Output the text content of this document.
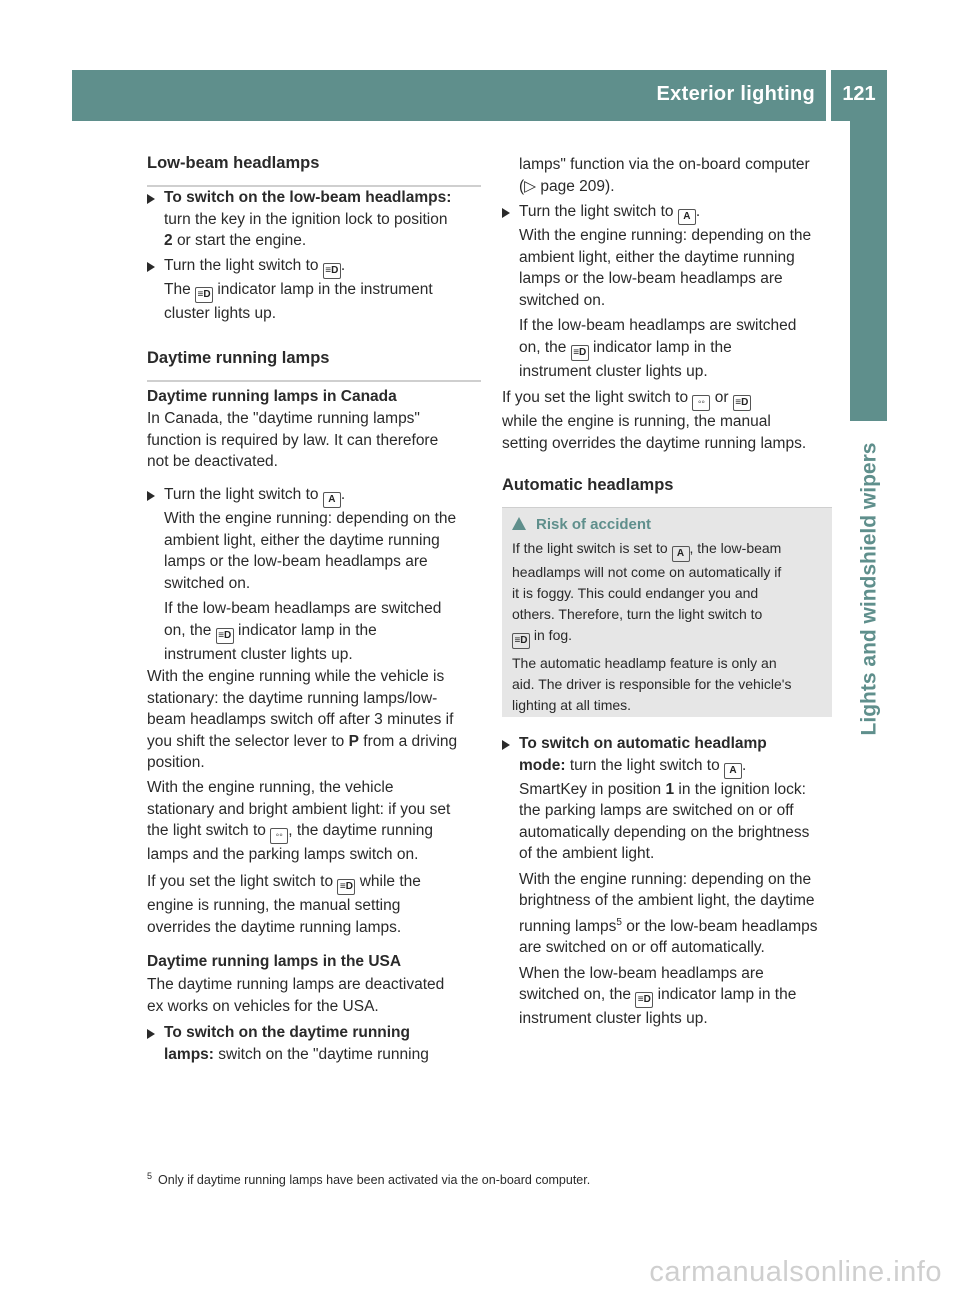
Exterior lighting	121
Lights and windshield wipers
Low-beam headlamps
To switch on the low-beam headlamps:
turn the key in the ignition lock to position
2 or start the engine.
Turn the light switch to ≡D .
The ≡D indicator lamp in the instrument
cluster lights up.
Daytime running lamps
Daytime running lamps in Canada
In Canada, the "daytime running lamps"
function is required by law. It can therefore
not be deactivated.
Turn the light switch to A .
With the engine running: depending on the
ambient light, either the daytime running
lamps or the low-beam headlamps are
switched on.
If the low-beam headlamps are switched
on, the ≡D indicator lamp in the
instrument cluster lights up.
With the engine running while the vehicle is
stationary: the daytime running lamps/low-
beam headlamps switch off after 3 minutes if
you shift the selector lever to P from a driving
position.
With the engine running, the vehicle
stationary and bright ambient light: if you set
the light switch to ◦◦ , the daytime running
lamps and the parking lamps switch on.
If you set the light switch to ≡D while the
engine is running, the manual setting
overrides the daytime running lamps.
Daytime running lamps in the USA
The daytime running lamps are deactivated
ex works on vehicles for the USA.
To switch on the daytime running
lamps: switch on the "daytime running
lamps" function via the on-board computer
(▷ page 209).
Turn the light switch to A .
With the engine running: depending on the
ambient light, either the daytime running
lamps or the low-beam headlamps are
switched on.
If the low-beam headlamps are switched
on, the ≡D indicator lamp in the
instrument cluster lights up.
If you set the light switch to ◦◦ or ≡D
while the engine is running, the manual
setting overrides the daytime running lamps.
Automatic headlamps
Risk of accident
If the light switch is set to A , the low-beam
headlamps will not come on automatically if
it is foggy. This could endanger you and
others. Therefore, turn the light switch to
≡D in fog.
The automatic headlamp feature is only an
aid. The driver is responsible for the vehicle's
lighting at all times.
To switch on automatic headlamp
mode: turn the light switch to A .
SmartKey in position 1 in the ignition lock:
the parking lamps are switched on or off
automatically depending on the brightness
of the ambient light.
With the engine running: depending on the
brightness of the ambient light, the daytime
running lamps$^5$ or the low-beam headlamps
are switched on or off automatically.
When the low-beam headlamps are
switched on, the ≡D indicator lamp in the
instrument cluster lights up.
$^5$ Only if daytime running lamps have been activated via the on-board computer.
carmanualsonline.info
